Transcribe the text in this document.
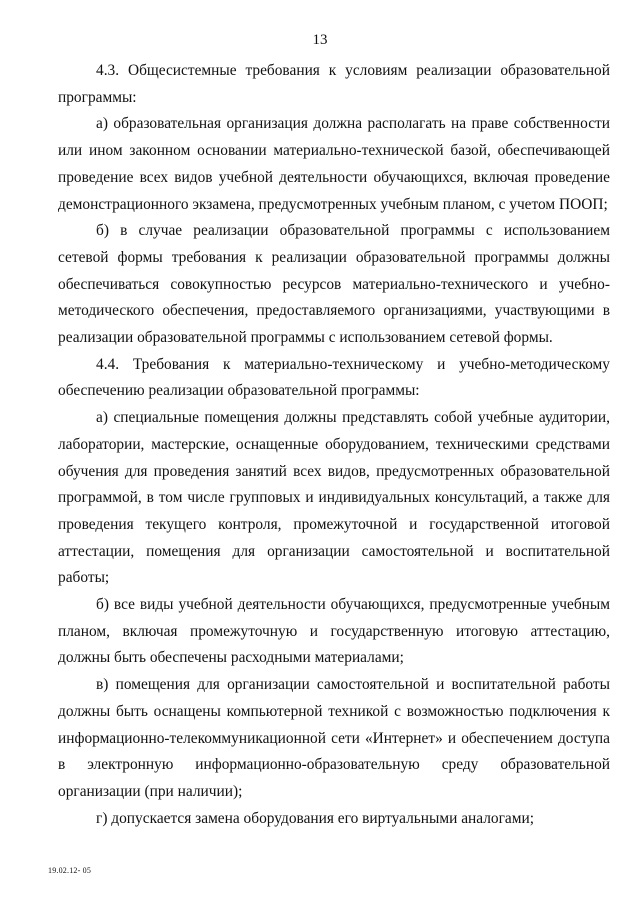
13

4.3. Общесистемные требования к условиям реализации образовательной программы:

а) образовательная организация должна располагать на праве собственности или ином законном основании материально-технической базой, обеспечивающей проведение всех видов учебной деятельности обучающихся, включая проведение демонстрационного экзамена, предусмотренных учебным планом, с учетом ПООП;

б) в случае реализации образовательной программы с использованием сетевой формы требования к реализации образовательной программы должны обеспечиваться совокупностью ресурсов материально-технического и учебно-методического обеспечения, предоставляемого организациями, участвующими в реализации образовательной программы с использованием сетевой формы.

4.4. Требования к материально-техническому и учебно-методическому обеспечению реализации образовательной программы:

а) специальные помещения должны представлять собой учебные аудитории, лаборатории, мастерские, оснащенные оборудованием, техническими средствами обучения для проведения занятий всех видов, предусмотренных образовательной программой, в том числе групповых и индивидуальных консультаций, а также для проведения текущего контроля, промежуточной и государственной итоговой аттестации, помещения для организации самостоятельной и воспитательной работы;

б) все виды учебной деятельности обучающихся, предусмотренные учебным планом, включая промежуточную и государственную итоговую аттестацию, должны быть обеспечены расходными материалами;

в) помещения для организации самостоятельной и воспитательной работы должны быть оснащены компьютерной техникой с возможностью подключения к информационно-телекоммуникационной сети «Интернет» и обеспечением доступа в электронную информационно-образовательную среду образовательной организации (при наличии);

г) допускается замена оборудования его виртуальными аналогами;

19.02.12- 05
